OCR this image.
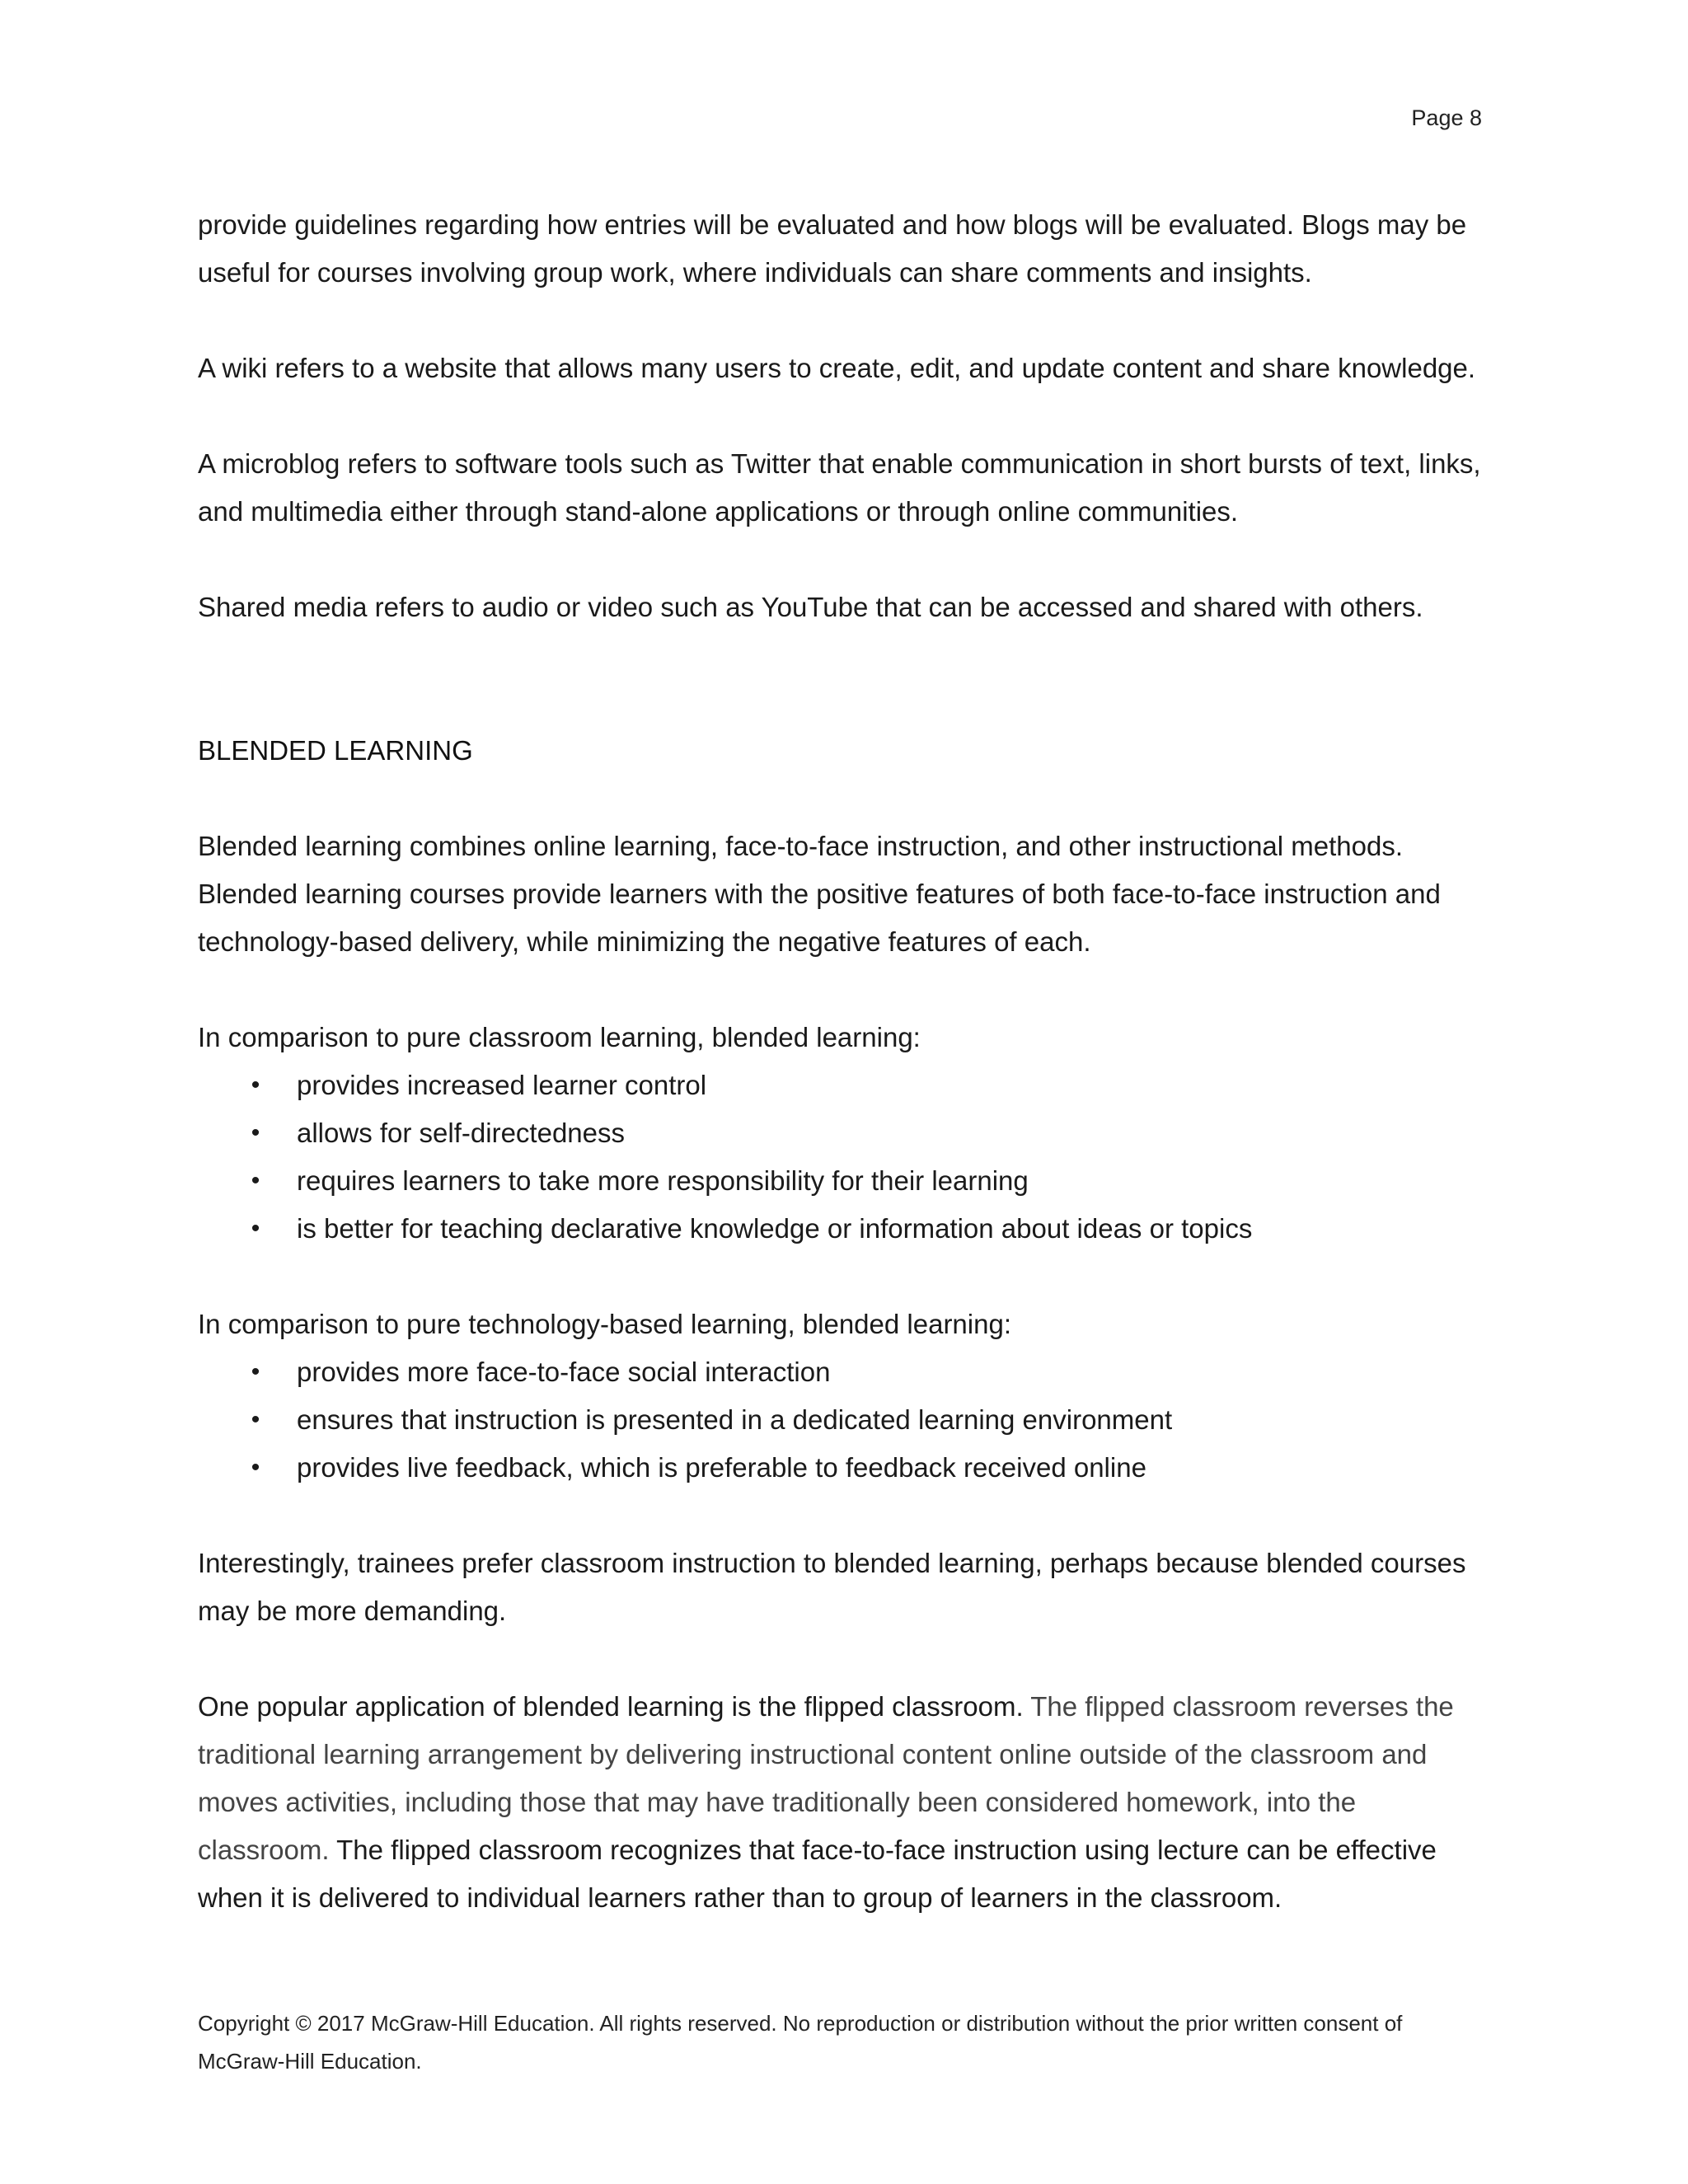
Page 8

provide guidelines regarding how entries will be evaluated and how blogs will be evaluated. Blogs may be useful for courses involving group work, where individuals can share comments and insights.

A wiki refers to a website that allows many users to create, edit, and update content and share knowledge.

A microblog refers to software tools such as Twitter that enable communication in short bursts of text, links, and multimedia either through stand-alone applications or through online communities.

Shared media refers to audio or video such as YouTube that can be accessed and shared with others.

BLENDED LEARNING

Blended learning combines online learning, face-to-face instruction, and other instructional methods. Blended learning courses provide learners with the positive features of both face-to-face instruction and technology-based delivery, while minimizing the negative features of each.

In comparison to pure classroom learning, blended learning:

• provides increased learner control
• allows for self-directedness
• requires learners to take more responsibility for their learning
• is better for teaching declarative knowledge or information about ideas or topics

In comparison to pure technology-based learning, blended learning:

• provides more face-to-face social interaction
• ensures that instruction is presented in a dedicated learning environment
• provides live feedback, which is preferable to feedback received online

Interestingly, trainees prefer classroom instruction to blended learning, perhaps because blended courses may be more demanding.

One popular application of blended learning is the flipped classroom. The flipped classroom reverses the traditional learning arrangement by delivering instructional content online outside of the classroom and moves activities, including those that may have traditionally been considered homework, into the classroom. The flipped classroom recognizes that face-to-face instruction using lecture can be effective when it is delivered to individual learners rather than to group of learners in the classroom.

Copyright © 2017 McGraw-Hill Education. All rights reserved. No reproduction or distribution without the prior written consent of McGraw-Hill Education.
